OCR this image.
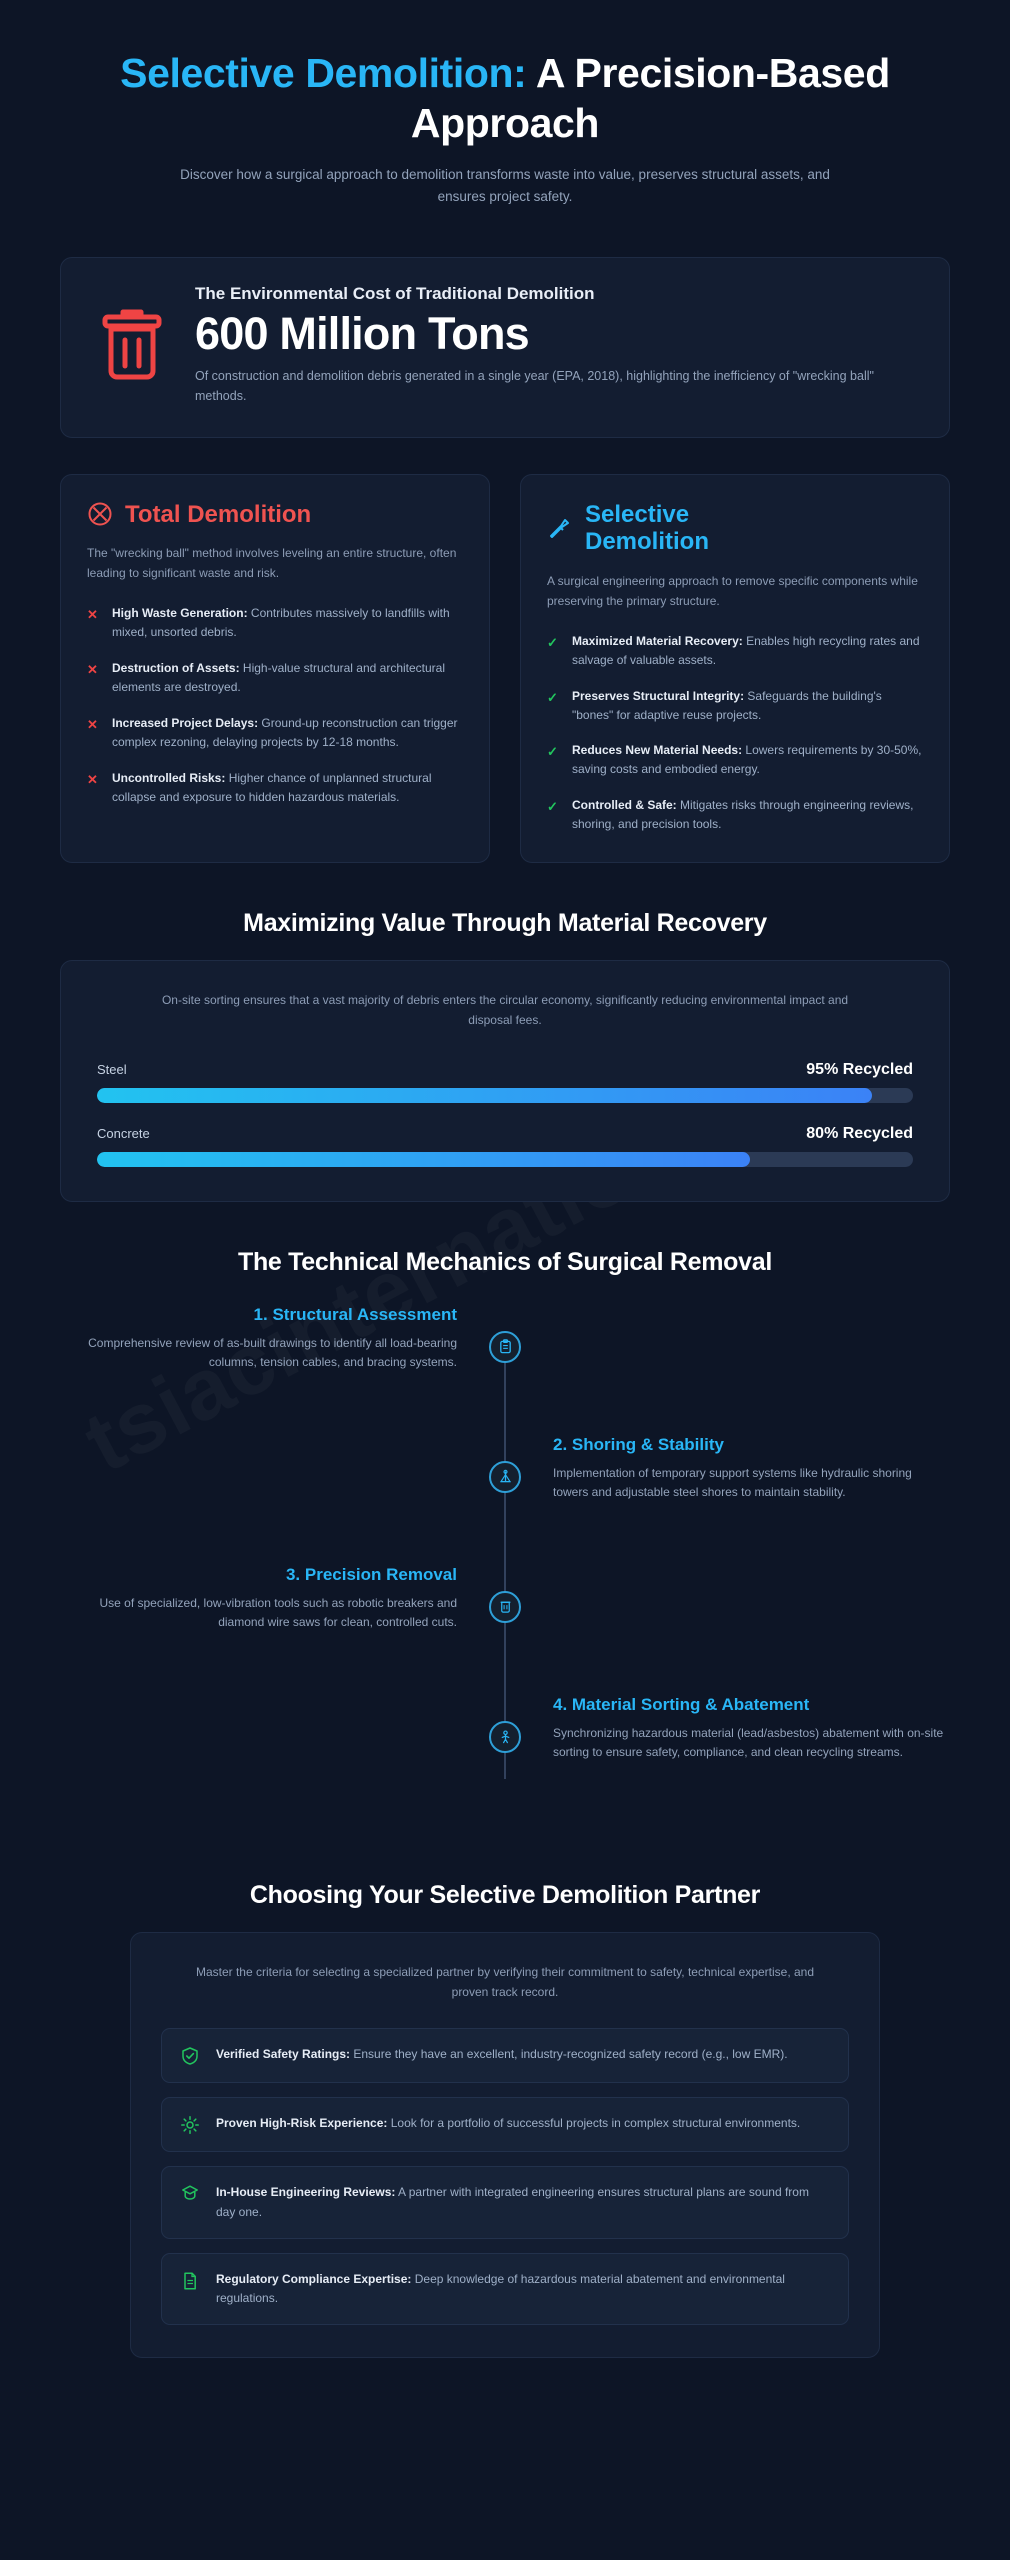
Selective Demolition: A Precision-Based Approach

Discover how a surgical approach to demolition transforms waste into value, preserves structural assets, and ensures project safety.

The Environmental Cost of Traditional Demolition
600 Million Tons
Of construction and demolition debris generated in a single year (EPA, 2018), highlighting the inefficiency of "wrecking ball" methods.
Total Demolition
The "wrecking ball" method involves leveling an entire structure, often leading to significant waste and risk.
✕ High Waste Generation: Contributes massively to landfills with mixed, unsorted debris.
✕ Destruction of Assets: High-value structural and architectural elements are destroyed.
✕ Increased Project Delays: Ground-up reconstruction can trigger complex rezoning, delaying projects by 12-18 months.
✕ Uncontrolled Risks: Higher chance of unplanned structural collapse and exposure to hidden hazardous materials.
Selective Demolition
A surgical engineering approach to remove specific components while preserving the primary structure.
✓ Maximized Material Recovery: Enables high recycling rates and salvage of valuable assets.
✓ Preserves Structural Integrity: Safeguards the building's "bones" for adaptive reuse projects.
✓ Reduces New Material Needs: Lowers requirements by 30-50%, saving costs and embodied energy.
✓ Controlled & Safe: Mitigates risks through engineering reviews, shoring, and precision tools.
Maximizing Value Through Material Recovery
On-site sorting ensures that a vast majority of debris enters the circular economy, significantly reducing environmental impact and disposal fees.
Steel	95% Recycled
Concrete	80% Recycled
The Technical Mechanics of Surgical Removal
1. Structural Assessment
Comprehensive review of as-built drawings to identify all load-bearing columns, tension cables, and bracing systems.
2. Shoring & Stability
Implementation of temporary support systems like hydraulic shoring towers and adjustable steel shores to maintain stability.
3. Precision Removal
Use of specialized, low-vibration tools such as robotic breakers and diamond wire saws for clean, controlled cuts.
4. Material Sorting & Abatement
Synchronizing hazardous material (lead/asbestos) abatement with on-site sorting to ensure safety, compliance, and clean recycling streams.
Choosing Your Selective Demolition Partner
Master the criteria for selecting a specialized partner by verifying their commitment to safety, technical expertise, and proven track record.
Verified Safety Ratings: Ensure they have an excellent, industry-recognized safety record (e.g., low EMR).
Proven High-Risk Experience: Look for a portfolio of successful projects in complex structural environments.
In-House Engineering Reviews: A partner with integrated engineering ensures structural plans are sound from day one.
Regulatory Compliance Expertise: Deep knowledge of hazardous material abatement and environmental regulations.
